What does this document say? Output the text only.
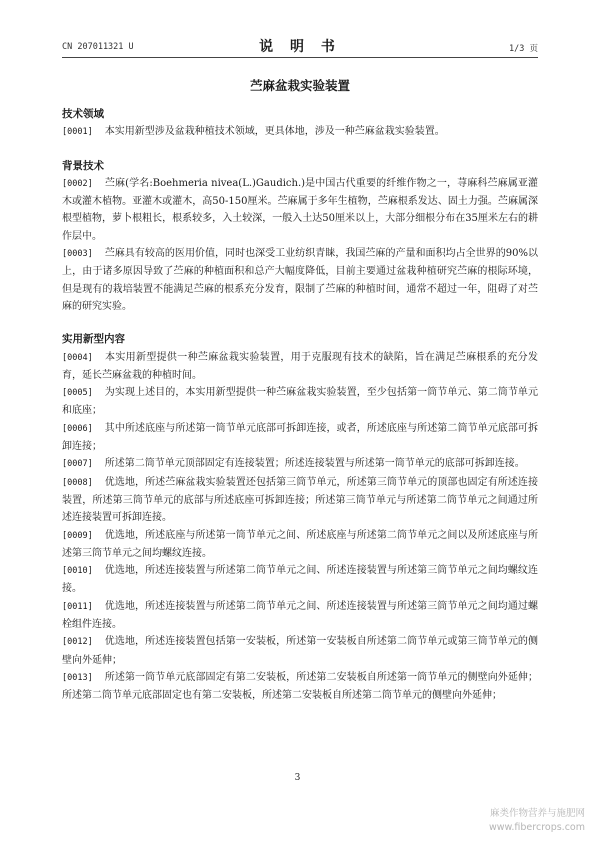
CN 207011321 U	说 明 书	1/3 页
苎麻盆栽实验装置
技术领域
[0001] 本实用新型涉及盆栽种植技术领域，更具体地，涉及一种苎麻盆栽实验装置。
背景技术
[0002] 苎麻(学名:Boehmeria nivea(L.)Gaudich.)是中国古代重要的纤维作物之一，荨麻科苎麻属亚灌木或灌木植物。亚灌木或灌木，高50-150厘米。苎麻属于多年生植物，苎麻根系发达、固土力强。苎麻属深根型植物，萝卜根粗长，根系较多，入土较深，一般入土达50厘米以上，大部分细根分布在35厘米左右的耕作层中。
[0003] 苎麻具有较高的医用价值，同时也深受工业纺织青睐，我国苎麻的产量和面积均占全世界的90%以上，由于诸多原因导致了苎麻的种植面积和总产大幅度降低，目前主要通过盆栽种植研究苎麻的根际环境，但是现有的栽培装置不能满足苎麻的根系充分发育，限制了苎麻的种植时间，通常不超过一年，阻碍了对苎麻的研究实验。
实用新型内容
[0004] 本实用新型提供一种苎麻盆栽实验装置，用于克服现有技术的缺陷，旨在满足苎麻根系的充分发育，延长苎麻盆栽的种植时间。
[0005] 为实现上述目的，本实用新型提供一种苎麻盆栽实验装置，至少包括第一筒节单元、第二筒节单元和底座；
[0006] 其中所述底座与所述第一筒节单元底部可拆卸连接，或者，所述底座与所述第二筒节单元底部可拆卸连接；
[0007] 所述第二筒节单元顶部固定有连接装置；所述连接装置与所述第一筒节单元的底部可拆卸连接。
[0008] 优选地，所述苎麻盆栽实验装置还包括第三筒节单元，所述第三筒节单元的顶部也固定有所述连接装置，所述第三筒节单元的底部与所述底座可拆卸连接；所述第三筒节单元与所述第二筒节单元之间通过所述连接装置可拆卸连接。
[0009] 优选地，所述底座与所述第一筒节单元之间、所述底座与所述第二筒节单元之间以及所述底座与所述第三筒节单元之间均螺纹连接。
[0010] 优选地，所述连接装置与所述第二筒节单元之间、所述连接装置与所述第三筒节单元之间均螺纹连接。
[0011] 优选地，所述连接装置与所述第二筒节单元之间、所述连接装置与所述第三筒节单元之间均通过螺栓组件连接。
[0012] 优选地，所述连接装置包括第一安装板，所述第一安装板自所述第二筒节单元或第三筒节单元的侧壁向外延伸；
[0013] 所述第一筒节单元底部固定有第二安装板，所述第二安装板自所述第一筒节单元的侧壁向外延伸；所述第二筒节单元底部固定也有第二安装板，所述第二安装板自所述第二筒节单元的侧壁向外延伸；
3
麻类作物营养与施肥网
www.fibercrops.com
